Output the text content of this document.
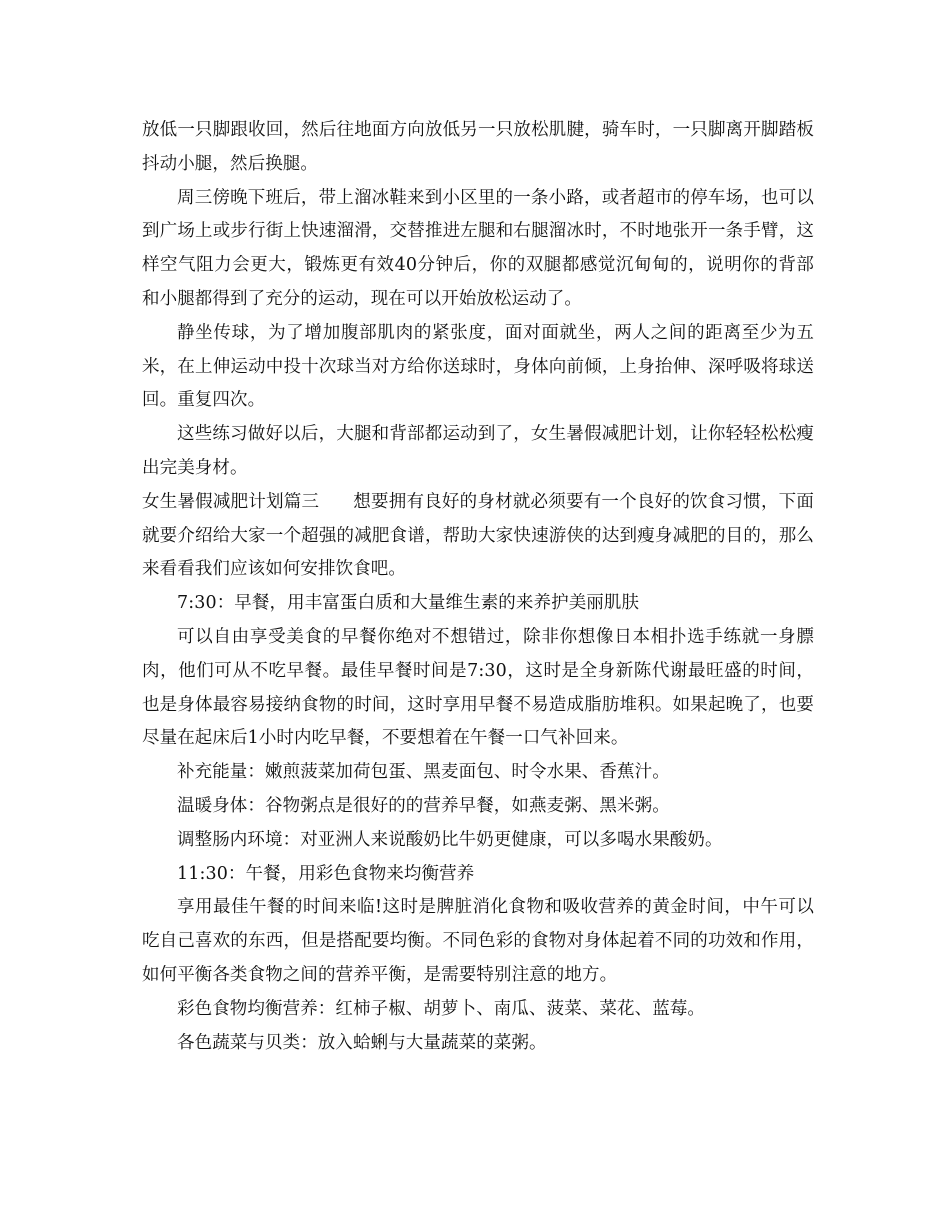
放低一只脚跟收回，然后往地面方向放低另一只放松肌腱，骑车时，一只脚离开脚踏板抖动小腿，然后换腿。

周三傍晚下班后，带上溜冰鞋来到小区里的一条小路，或者超市的停车场，也可以到广场上或步行街上快速溜滑，交替推进左腿和右腿溜冰时，不时地张开一条手臂，这样空气阻力会更大，锻炼更有效40分钟后，你的双腿都感觉沉甸甸的，说明你的背部和小腿都得到了充分的运动，现在可以开始放松运动了。

静坐传球，为了增加腹部肌肉的紧张度，面对面就坐，两人之间的距离至少为五米，在上伸运动中投十次球当对方给你送球时，身体向前倾，上身抬伸、深呼吸将球送回。重复四次。

这些练习做好以后，大腿和背部都运动到了，女生暑假减肥计划，让你轻轻松松瘦出完美身材。

女生暑假减肥计划篇三 想要拥有良好的身材就必须要有一个良好的饮食习惯，下面就要介绍给大家一个超强的减肥食谱，帮助大家快速游侠的达到瘦身减肥的目的，那么来看看我们应该如何安排饮食吧。

7:30：早餐，用丰富蛋白质和大量维生素的来养护美丽肌肤

可以自由享受美食的早餐你绝对不想错过，除非你想像日本相扑选手练就一身膘肉，他们可从不吃早餐。最佳早餐时间是7:30，这时是全身新陈代谢最旺盛的时间，也是身体最容易接纳食物的时间，这时享用早餐不易造成脂肪堆积。如果起晚了，也要尽量在起床后1小时内吃早餐，不要想着在午餐一口气补回来。

补充能量：嫩煎菠菜加荷包蛋、黑麦面包、时令水果、香蕉汁。

温暖身体：谷物粥点是很好的的营养早餐，如燕麦粥、黑米粥。

调整肠内环境：对亚洲人来说酸奶比牛奶更健康，可以多喝水果酸奶。

11:30：午餐，用彩色食物来均衡营养

享用最佳午餐的时间来临!这时是脾脏消化食物和吸收营养的黄金时间，中午可以吃自己喜欢的东西，但是搭配要均衡。不同色彩的食物对身体起着不同的功效和作用，如何平衡各类食物之间的营养平衡，是需要特别注意的地方。

彩色食物均衡营养：红柿子椒、胡萝卜、南瓜、菠菜、菜花、蓝莓。

各色蔬菜与贝类：放入蛤蜊与大量蔬菜的菜粥。
